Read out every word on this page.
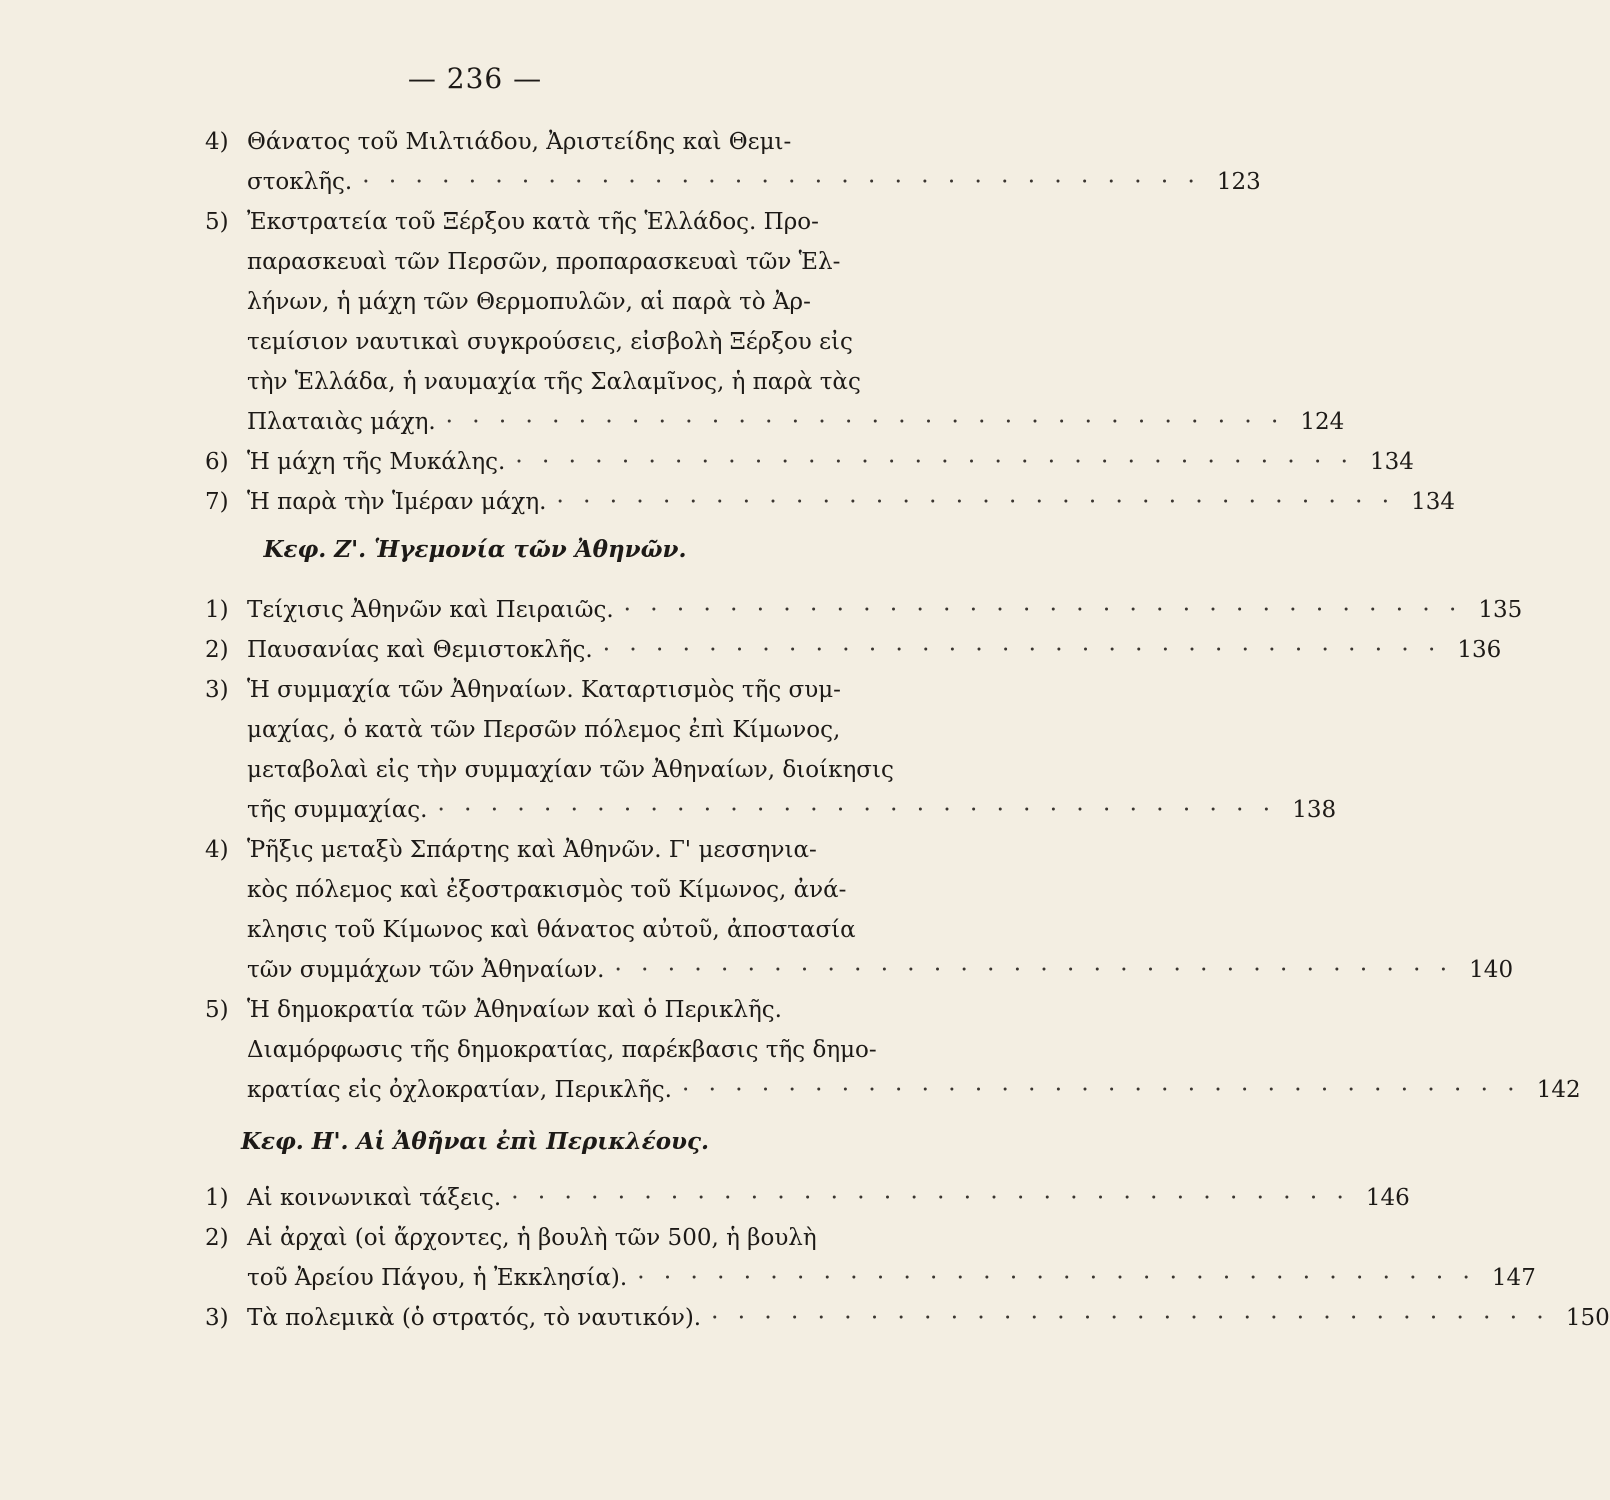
— 236 —
4) Θάνατος τοῦ Μιλτιάδου, Ἀριστείδης καὶ Θεμι-
στοκλῆς. · · · · · · · · · · · · · · · · · · · · · · · · · · · · · · · · 123
5) Ἐκστρατεία τοῦ Ξέρξου κατὰ τῆς Ἑλλάδος. Προ-
παρασκευαὶ τῶν Περσῶν, προπαρασκευαὶ τῶν Ἑλ-
λήνων, ἡ μάχη τῶν Θερμοπυλῶν, αἱ παρὰ τὸ Ἀρ-
τεμίσιον ναυτικαὶ συγκρούσεις, εἰσβολὴ Ξέρξου εἰς
τὴν Ἑλλάδα, ἡ ναυμαχία τῆς Σαλαμῖνος, ἡ παρὰ τὰς
Πλαταιὰς μάχη. · · · · · · · · · · · · · · · · · · · · · · · · · · · · · · · · 124
6) Ἡ μάχη τῆς Μυκάλης. · · · · · · · · · · · · · · · · · · · · · · · · · · · · · · · · 134
7) Ἡ παρὰ τὴν Ἱμέραν μάχη. · · · · · · · · · · · · · · · · · · · · · · · · · · · · · · · · 134
Κεφ. Ζ'. Ἡγεμονία τῶν Ἀθηνῶν.
1) Τείχισις Ἀθηνῶν καὶ Πειραιῶς. · · · · · · · · · · · · · · · · · · · · · · · · · · · · · · · · 135
2) Παυσανίας καὶ Θεμιστοκλῆς. · · · · · · · · · · · · · · · · · · · · · · · · · · · · · · · · 136
3) Ἡ συμμαχία τῶν Ἀθηναίων. Καταρτισμὸς τῆς συμ-
μαχίας, ὁ κατὰ τῶν Περσῶν πόλεμος ἐπὶ Κίμωνος,
μεταβολαὶ εἰς τὴν συμμαχίαν τῶν Ἀθηναίων, διοίκησις
τῆς συμμαχίας. · · · · · · · · · · · · · · · · · · · · · · · · · · · · · · · · 138
4) Ῥῆξις μεταξὺ Σπάρτης καὶ Ἀθηνῶν. Γ' μεσσηνια-
κὸς πόλεμος καὶ ἐξοστρακισμὸς τοῦ Κίμωνος, ἀνά-
κλησις τοῦ Κίμωνος καὶ θάνατος αὐτοῦ, ἀποστασία
τῶν συμμάχων τῶν Ἀθηναίων. · · · · · · · · · · · · · · · · · · · · · · · · · · · · · · · · 140
5) Ἡ δημοκρατία τῶν Ἀθηναίων καὶ ὁ Περικλῆς.
Διαμόρφωσις τῆς δημοκρατίας, παρέκβασις τῆς δημο-
κρατίας εἰς ὀχλοκρατίαν, Περικλῆς. · · · · · · · · · · · · · · · · · · · · · · · · · · · · · · · · 142
Κεφ. Η'. Αἱ Ἀθῆναι ἐπὶ Περικλέους.
1) Αἱ κοινωνικαὶ τάξεις. · · · · · · · · · · · · · · · · · · · · · · · · · · · · · · · · 146
2) Αἱ ἀρχαὶ (οἱ ἄρχοντες, ἡ βουλὴ τῶν 500, ἡ βουλὴ
τοῦ Ἀρείου Πάγου, ἡ Ἐκκλησία). · · · · · · · · · · · · · · · · · · · · · · · · · · · · · · · · 147
3) Τὰ πολεμικὰ (ὁ στρατός, τὸ ναυτικόν). · · · · · · · · · · · · · · · · · · · · · · · · · · · · · · · · 150
